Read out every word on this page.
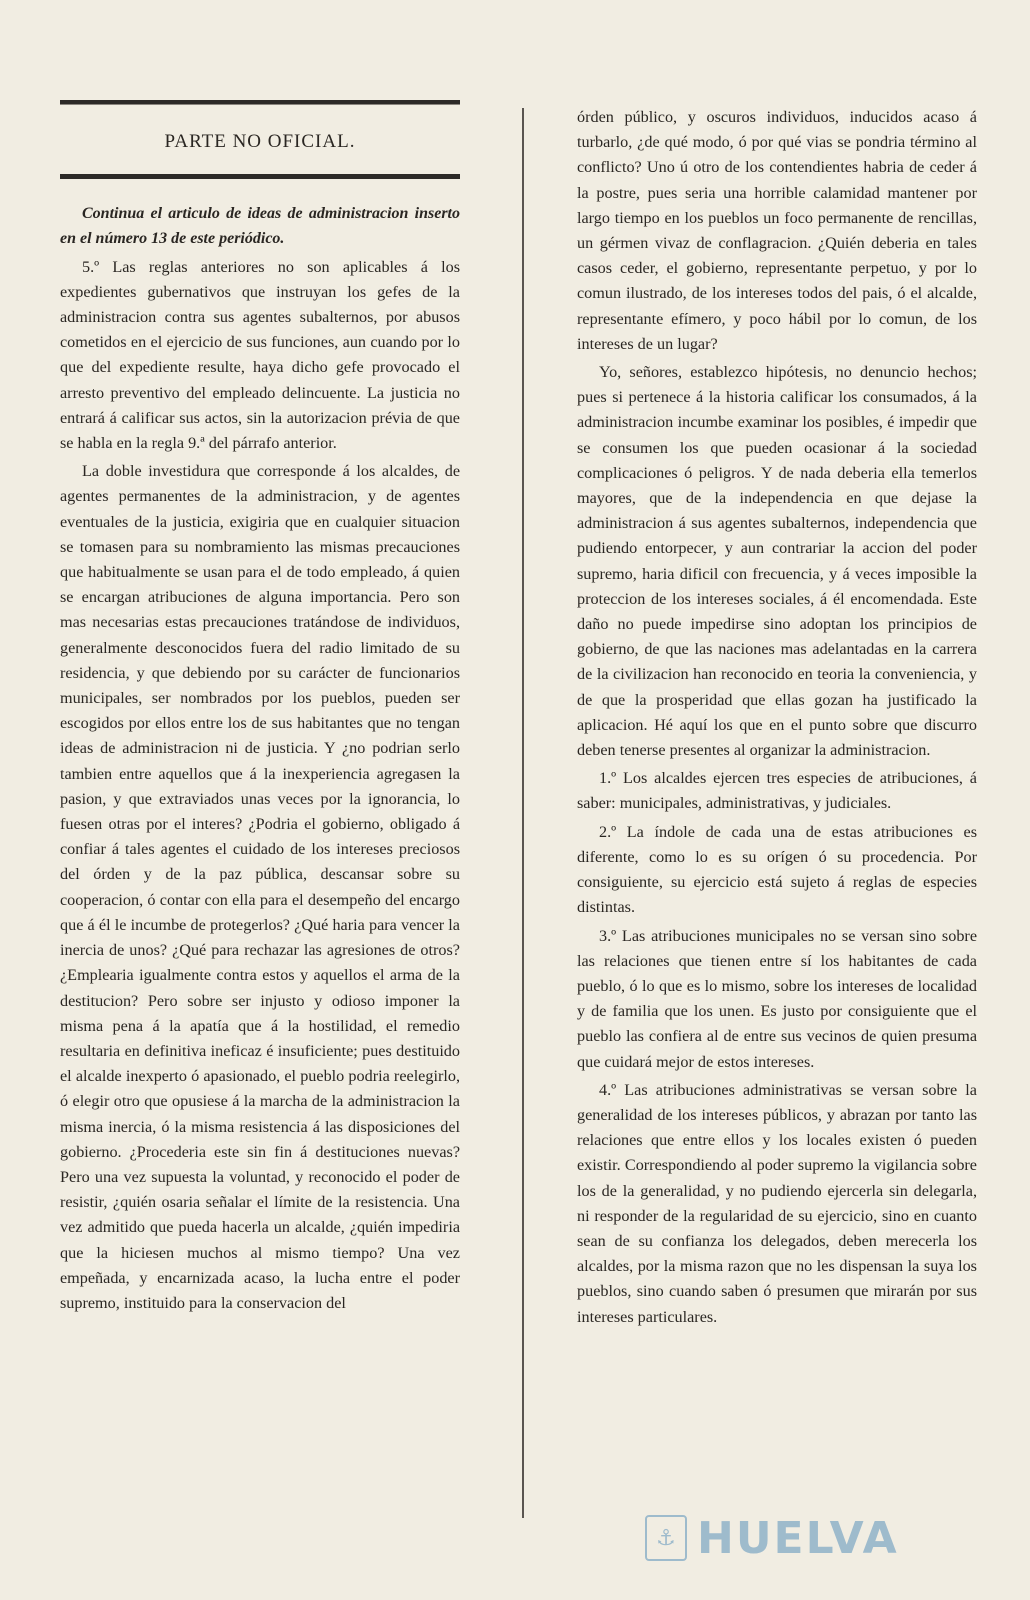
PARTE NO OFICIAL.

Continua el articulo de ideas de administracion inserto en el número 13 de este periódico.

5.º Las reglas anteriores no son aplicables á los expedientes gubernativos que instruyan los gefes de la administracion contra sus agentes subalternos, por abusos cometidos en el ejercicio de sus funciones, aun cuando por lo que del expediente resulte, haya dicho gefe provocado el arresto preventivo del empleado delincuente. La justicia no entrará á calificar sus actos, sin la autorizacion prévia de que se habla en la regla 9.ª del párrafo anterior.

La doble investidura que corresponde á los alcaldes, de agentes permanentes de la administracion, y de agentes eventuales de la justicia, exigiria que en cualquier situacion se tomasen para su nombramiento las mismas precauciones que habitualmente se usan para el de todo empleado, á quien se encargan atribuciones de alguna importancia. Pero son mas necesarias estas precauciones tratándose de individuos, generalmente desconocidos fuera del radio limitado de su residencia, y que debiendo por su carácter de funcionarios municipales, ser nombrados por los pueblos, pueden ser escogidos por ellos entre los de sus habitantes que no tengan ideas de administracion ni de justicia. Y ¿no podrian serlo tambien entre aquellos que á la inexperiencia agregasen la pasion, y que extraviados unas veces por la ignorancia, lo fuesen otras por el interes? ¿Podria el gobierno, obligado á confiar á tales agentes el cuidado de los intereses preciosos del órden y de la paz pública, descansar sobre su cooperacion, ó contar con ella para el desempeño del encargo que á él le incumbe de protegerlos? ¿Qué haria para vencer la inercia de unos? ¿Qué para rechazar las agresiones de otros? ¿Emplearia igualmente contra estos y aquellos el arma de la destitucion? Pero sobre ser injusto y odioso imponer la misma pena á la apatía que á la hostilidad, el remedio resultaria en definitiva ineficaz é insuficiente; pues destituido el alcalde inexperto ó apasionado, el pueblo podria reelegirlo, ó elegir otro que opusiese á la marcha de la administracion la misma inercia, ó la misma resistencia á las disposiciones del gobierno. ¿Procederia este sin fin á destituciones nuevas? Pero una vez supuesta la voluntad, y reconocido el poder de resistir, ¿quién osaria señalar el límite de la resistencia. Una vez admitido que pueda hacerla un alcalde, ¿quién impediria que la hiciesen muchos al mismo tiempo? Una vez empeñada, y encarnizada acaso, la lucha entre el poder supremo, instituido para la conservacion del

órden público, y oscuros individuos, inducidos acaso á turbarlo, ¿de qué modo, ó por qué vias se pondria término al conflicto? Uno ú otro de los contendientes habria de ceder á la postre, pues seria una horrible calamidad mantener por largo tiempo en los pueblos un foco permanente de rencillas, un gérmen vivaz de conflagracion. ¿Quién deberia en tales casos ceder, el gobierno, representante perpetuo, y por lo comun ilustrado, de los intereses todos del pais, ó el alcalde, representante efímero, y poco hábil por lo comun, de los intereses de un lugar?

Yo, señores, establezco hipótesis, no denuncio hechos; pues si pertenece á la historia calificar los consumados, á la administracion incumbe examinar los posibles, é impedir que se consumen los que pueden ocasionar á la sociedad complicaciones ó peligros. Y de nada deberia ella temerlos mayores, que de la independencia en que dejase la administracion á sus agentes subalternos, independencia que pudiendo entorpecer, y aun contrariar la accion del poder supremo, haria dificil con frecuencia, y á veces imposible la proteccion de los intereses sociales, á él encomendada. Este daño no puede impedirse sino adoptan los principios de gobierno, de que las naciones mas adelantadas en la carrera de la civilizacion han reconocido en teoria la conveniencia, y de que la prosperidad que ellas gozan ha justificado la aplicacion. Hé aquí los que en el punto sobre que discurro deben tenerse presentes al organizar la administracion.

1.º Los alcaldes ejercen tres especies de atribuciones, á saber: municipales, administrativas, y judiciales.

2.º La índole de cada una de estas atribuciones es diferente, como lo es su orígen ó su procedencia. Por consiguiente, su ejercicio está sujeto á reglas de especies distintas.

3.º Las atribuciones municipales no se versan sino sobre las relaciones que tienen entre sí los habitantes de cada pueblo, ó lo que es lo mismo, sobre los intereses de localidad y de familia que los unen. Es justo por consiguiente que el pueblo las confiera al de entre sus vecinos de quien presuma que cuidará mejor de estos intereses.

4.º Las atribuciones administrativas se versan sobre la generalidad de los intereses públicos, y abrazan por tanto las relaciones que entre ellos y los locales existen ó pueden existir. Correspondiendo al poder supremo la vigilancia sobre los de la generalidad, y no pudiendo ejercerla sin delegarla, ni responder de la regularidad de su ejercicio, sino en cuanto sean de su confianza los delegados, deben merecerla los alcaldes, por la misma razon que no les dispensan la suya los pueblos, sino cuando saben ó presumen que mirarán por sus intereses particulares.

⚓ HUELVA
